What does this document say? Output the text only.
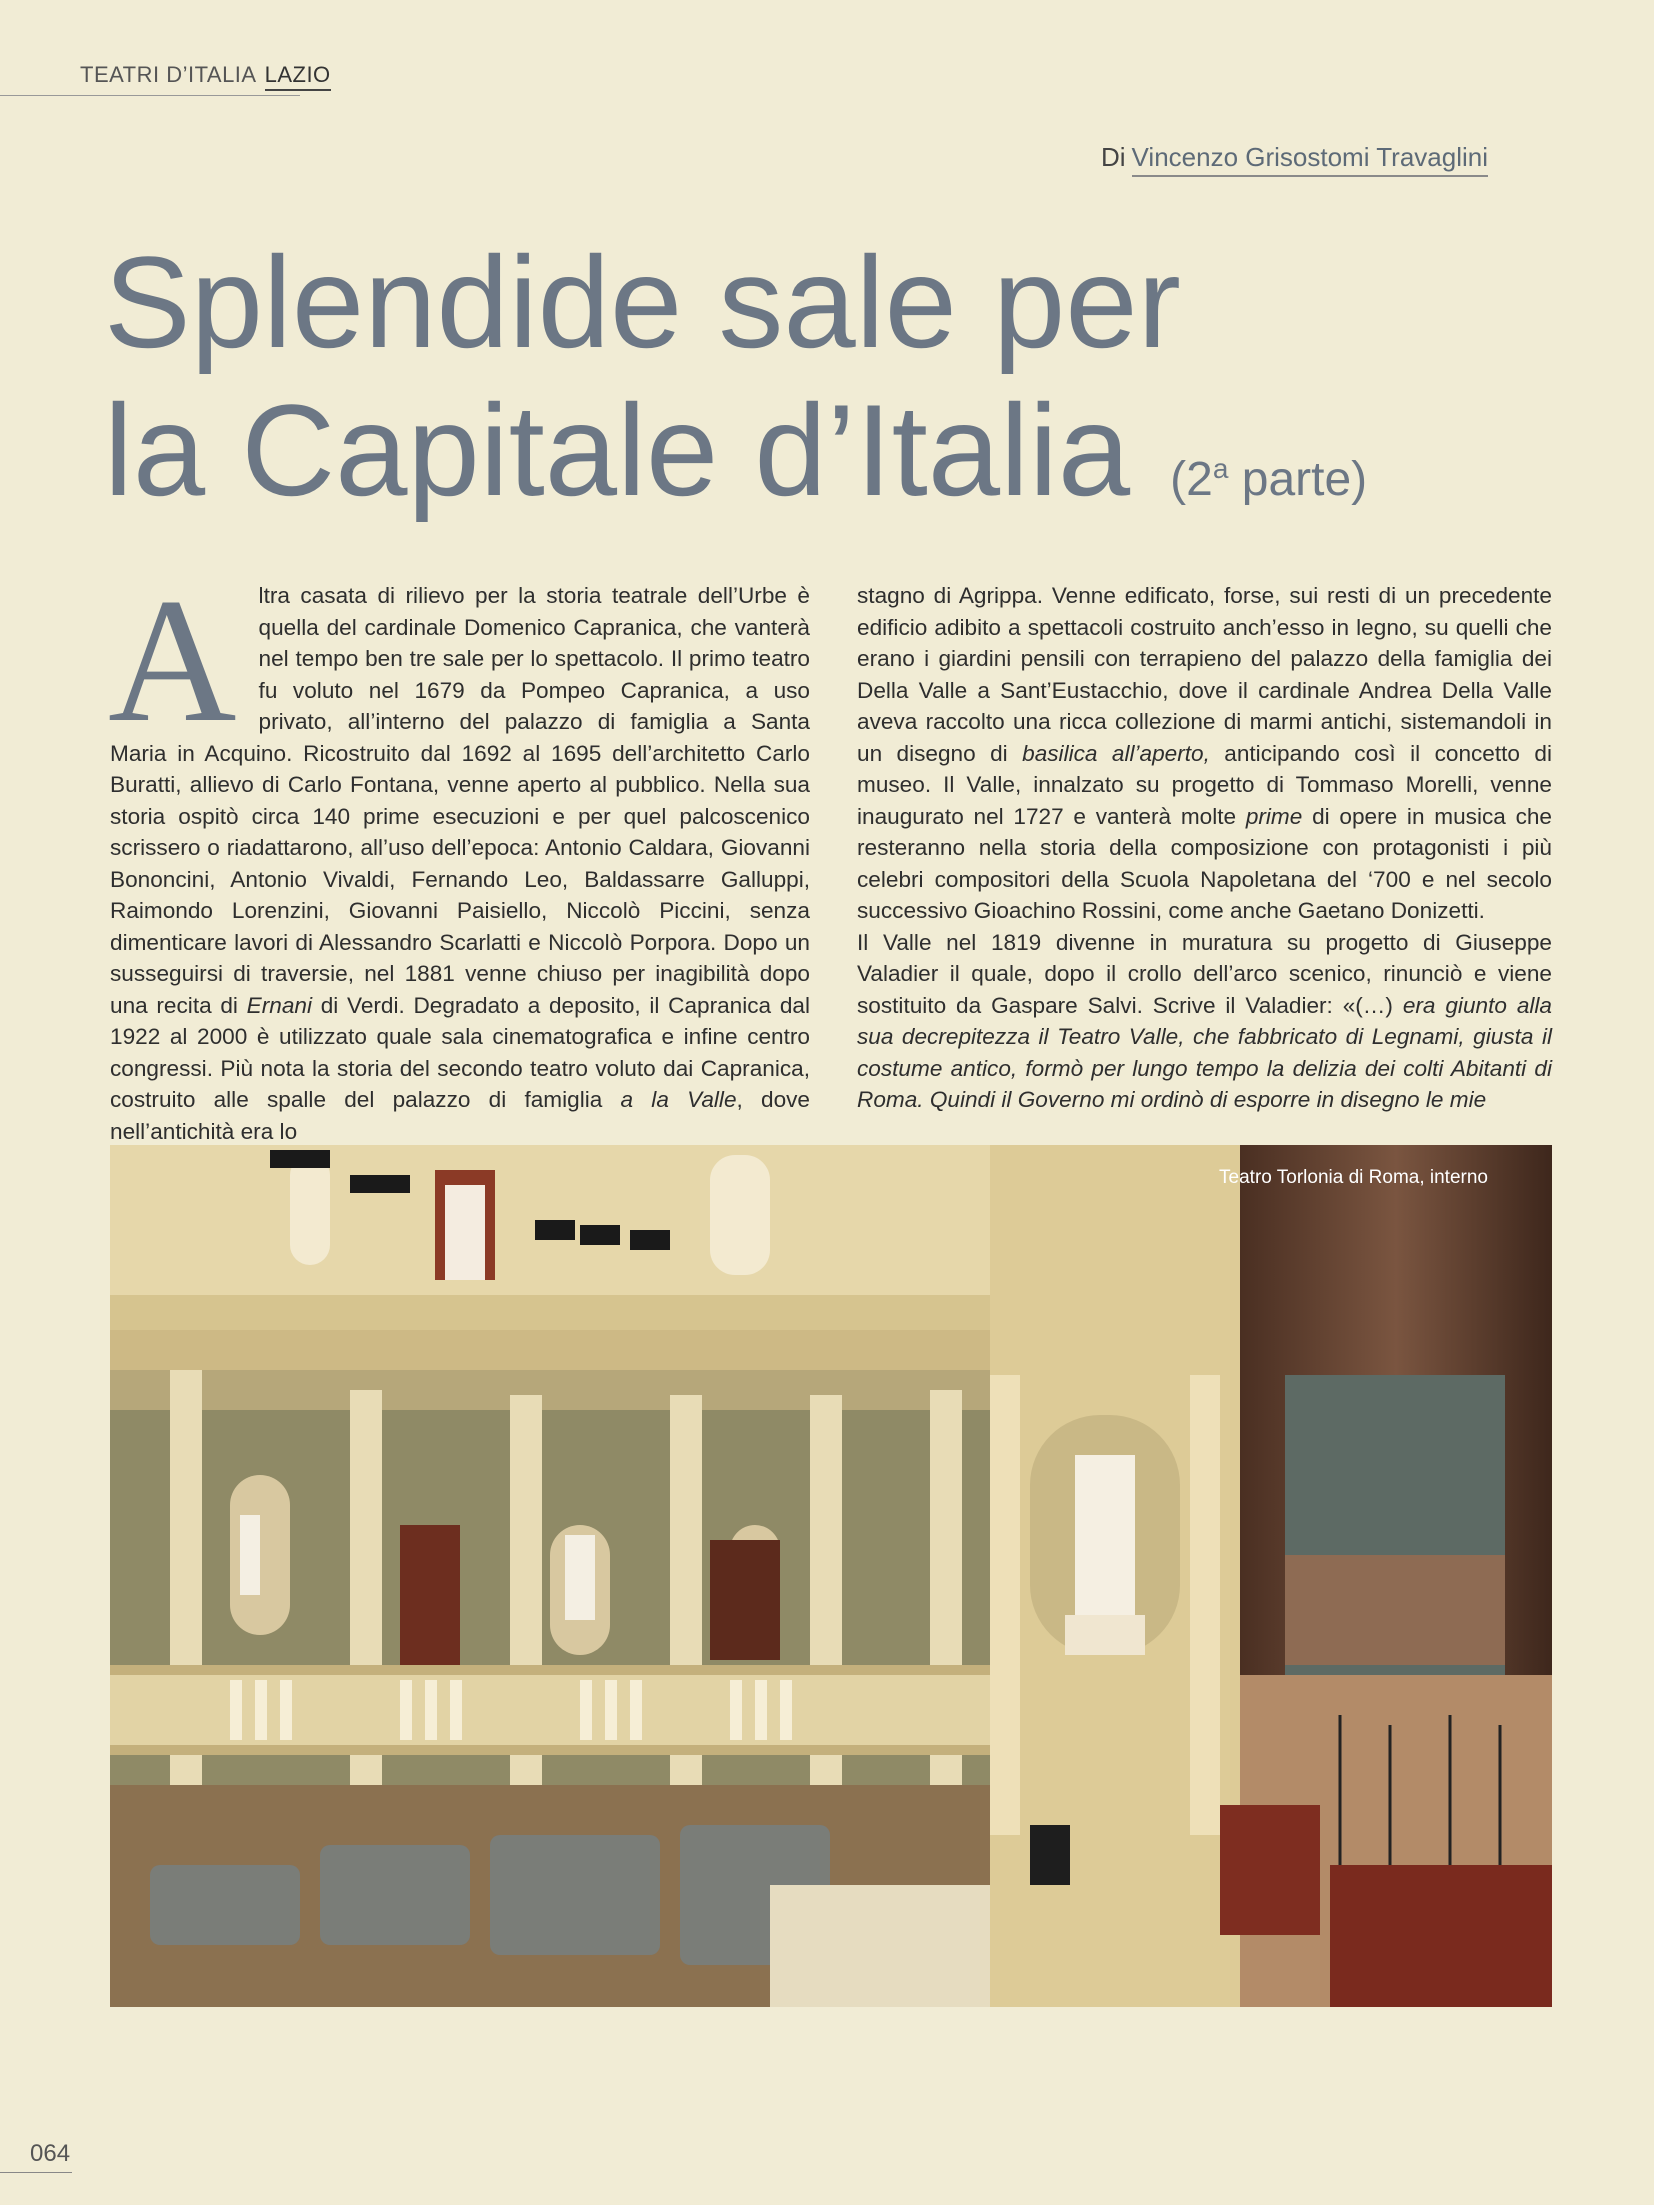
TEATRI D’ITALIA LAZIO
Di Vincenzo Grisostomi Travaglini
Splendide sale per
la Capitale d’Italia (2$^a$ parte)

Altra casata di rilievo per la storia teatrale dell’Urbe è quella del cardinale Domenico Capranica, che vanterà nel tempo ben tre sale per lo spettacolo. Il primo teatro fu voluto nel 1679 da Pompeo Capranica, a uso privato, all’interno del palazzo di famiglia a Santa Maria in Acquino. Ricostruito dal 1692 al 1695 dell’architetto Carlo Buratti, allievo di Carlo Fontana, venne aperto al pubblico. Nella sua storia ospitò circa 140 prime esecuzioni e per quel palcoscenico scrissero o riadattarono, all’uso dell’epoca: Antonio Caldara, Giovanni Bononcini, Antonio Vivaldi, Fernando Leo, Baldassarre Galluppi, Raimondo Lorenzini, Giovanni Paisiello, Niccolò Piccini, senza dimenticare lavori di Alessandro Scarlatti e Niccolò Porpora. Dopo un susseguirsi di traversie, nel 1881 venne chiuso per inagibilità dopo una recita di Ernani di Verdi. Degradato a deposito, il Capranica dal 1922 al 2000 è utilizzato quale sala cinematografica e infine centro congressi. Più nota la storia del secondo teatro voluto dai Capranica, costruito alle spalle del palazzo di famiglia a la Valle, dove nell’antichità era lo

stagno di Agrippa. Venne edificato, forse, sui resti di un precedente edificio adibito a spettacoli costruito anch’esso in legno, su quelli che erano i giardini pensili con terrapieno del palazzo della famiglia dei Della Valle a Sant’Eustacchio, dove il cardinale Andrea Della Valle aveva raccolto una ricca collezione di marmi antichi, sistemandoli in un disegno di basilica all’aperto, anticipando così il concetto di museo. Il Valle, innalzato su progetto di Tommaso Morelli, venne inaugurato nel 1727 e vanterà molte prime di opere in musica che resteranno nella storia della composizione con protagonisti i più celebri compositori della Scuola Napoletana del ‘700 e nel secolo successivo Gioachino Rossini, come anche Gaetano Donizetti.

Il Valle nel 1819 divenne in muratura su progetto di Giuseppe Valadier il quale, dopo il crollo dell’arco scenico, rinunciò e viene sostituito da Gaspare Salvi. Scrive il Valadier: «(…) era giunto alla sua decrepitezza il Teatro Valle, che fabbricato di Legnami, giusta il costume antico, formò per lungo tempo la delizia dei colti Abitanti di Roma. Quindi il Governo mi ordinò di esporre in disegno le mie

Teatro Torlonia di Roma, interno
064
